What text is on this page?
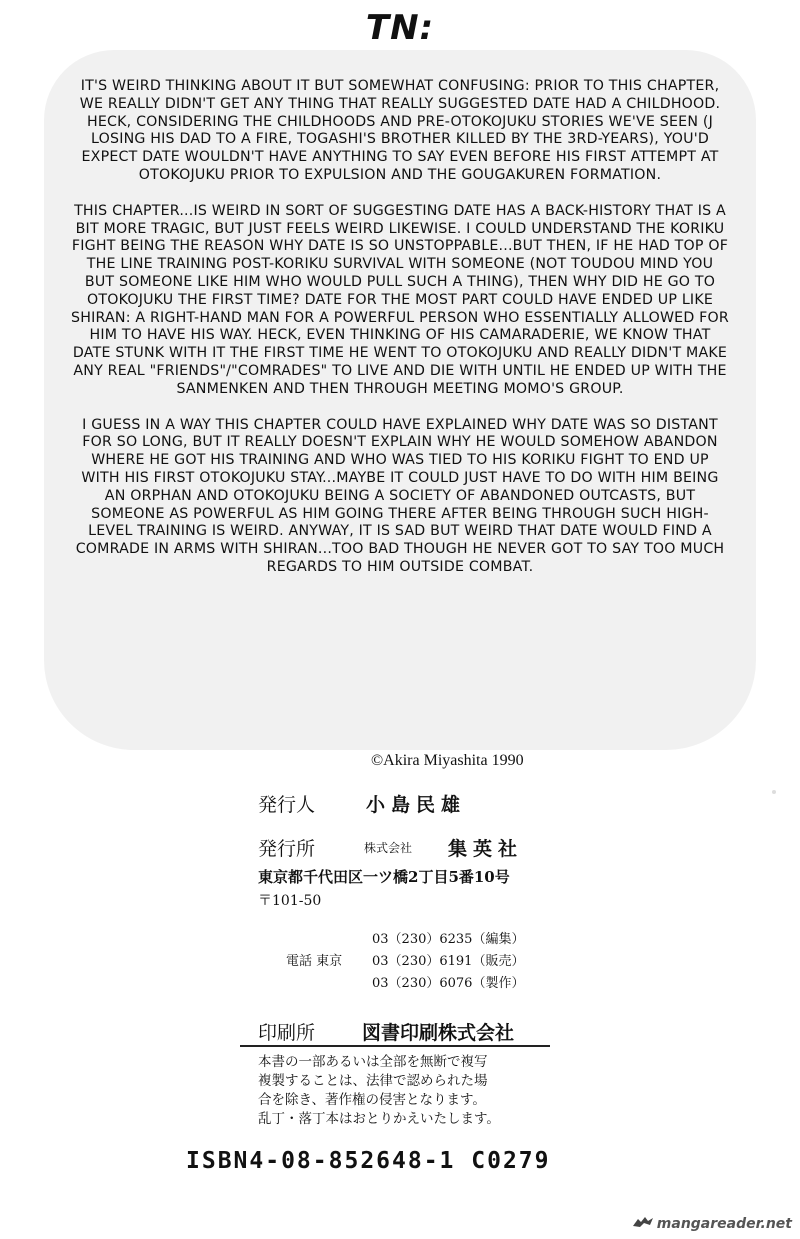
TN:

IT'S WEIRD THINKING ABOUT IT BUT SOMEWHAT CONFUSING: PRIOR TO THIS CHAPTER, WE REALLY DIDN'T GET ANY THING THAT REALLY SUGGESTED DATE HAD A CHILDHOOD. HECK, CONSIDERING THE CHILDHOODS AND PRE-OTOKOJUKU STORIES WE'VE SEEN (J LOSING HIS DAD TO A FIRE, TOGASHI'S BROTHER KILLED BY THE 3RD-YEARS), YOU'D EXPECT DATE WOULDN'T HAVE ANYTHING TO SAY EVEN BEFORE HIS FIRST ATTEMPT AT OTOKOJUKU PRIOR TO EXPULSION AND THE GOUGAKUREN FORMATION.

THIS CHAPTER...IS WEIRD IN SORT OF SUGGESTING DATE HAS A BACK-HISTORY THAT IS A BIT MORE TRAGIC, BUT JUST FEELS WEIRD LIKEWISE. I COULD UNDERSTAND THE KORIKU FIGHT BEING THE REASON WHY DATE IS SO UNSTOPPABLE...BUT THEN, IF HE HAD TOP OF THE LINE TRAINING POST-KORIKU SURVIVAL WITH SOMEONE (NOT TOUDOU MIND YOU BUT SOMEONE LIKE HIM WHO WOULD PULL SUCH A THING), THEN WHY DID HE GO TO OTOKOJUKU THE FIRST TIME? DATE FOR THE MOST PART COULD HAVE ENDED UP LIKE SHIRAN: A RIGHT-HAND MAN FOR A POWERFUL PERSON WHO ESSENTIALLY ALLOWED FOR HIM TO HAVE HIS WAY. HECK, EVEN THINKING OF HIS CAMARADERIE, WE KNOW THAT DATE STUNK WITH IT THE FIRST TIME HE WENT TO OTOKOJUKU AND REALLY DIDN'T MAKE ANY REAL "FRIENDS"/"COMRADES" TO LIVE AND DIE WITH UNTIL HE ENDED UP WITH THE SANMENKEN AND THEN THROUGH MEETING MOMO'S GROUP.

I GUESS IN A WAY THIS CHAPTER COULD HAVE EXPLAINED WHY DATE WAS SO DISTANT FOR SO LONG, BUT IT REALLY DOESN'T EXPLAIN WHY HE WOULD SOMEHOW ABANDON WHERE HE GOT HIS TRAINING AND WHO WAS TIED TO HIS KORIKU FIGHT TO END UP WITH HIS FIRST OTOKOJUKU STAY...MAYBE IT COULD JUST HAVE TO DO WITH HIM BEING AN ORPHAN AND OTOKOJUKU BEING A SOCIETY OF ABANDONED OUTCASTS, BUT SOMEONE AS POWERFUL AS HIM GOING THERE AFTER BEING THROUGH SUCH HIGH-LEVEL TRAINING IS WEIRD. ANYWAY, IT IS SAD BUT WEIRD THAT DATE WOULD FIND A COMRADE IN ARMS WITH SHIRAN...TOO BAD THOUGH HE NEVER GOT TO SAY TOO MUCH REGARDS TO HIM OUTSIDE COMBAT.

©Akira Miyashita 1990
発行人	小島民雄
発行所	株式会社 集英社
東京都千代田区一ツ橋2丁目5番10号
〒101-50
03（230）6235（編集）
電話 東京 03（230）6191（販売）
03（230）6076（製作）
印刷所 図書印刷株式会社
本書の一部あるいは全部を無断で複写
複製することは、法律で認められた場
合を除き、著作権の侵害となります。
乱丁・落丁本はおとりかえいたします。
ISBN4-08-852648-1 C0279
mangareader.net
